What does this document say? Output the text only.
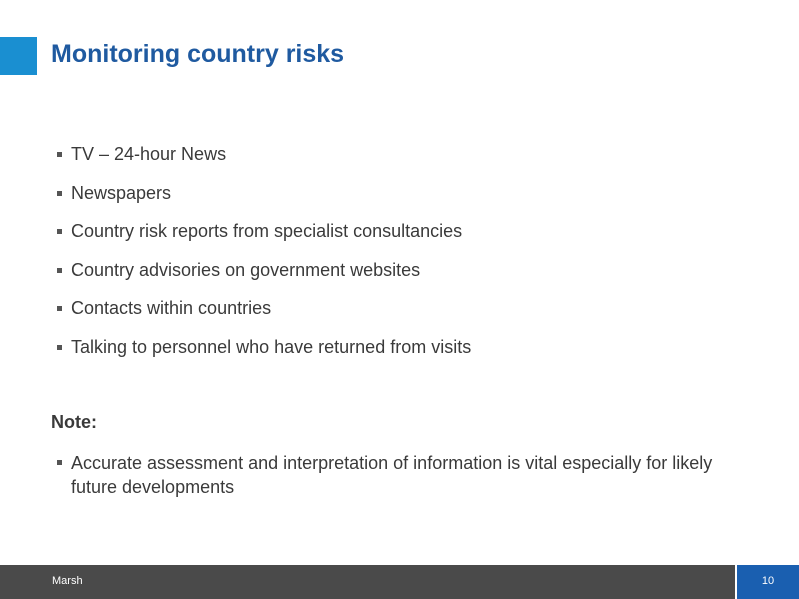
Monitoring country risks
TV – 24-hour News
Newspapers
Country risk reports from specialist consultancies
Country advisories on government websites
Contacts within countries
Talking to personnel who have returned from visits

Note:

Accurate assessment and interpretation of information is vital especially for likely future developments
Marsh	10
